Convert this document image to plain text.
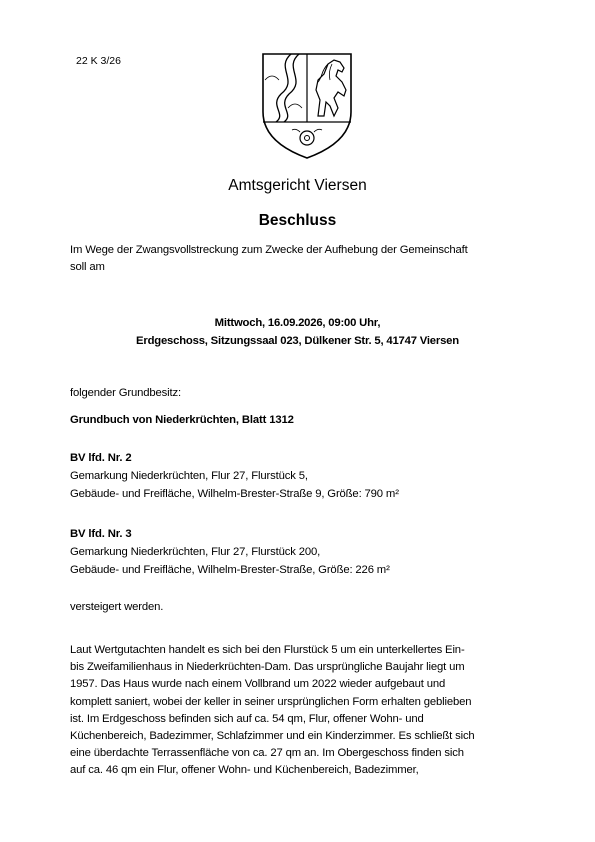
22 K 3/26
Amtsgericht Viersen
Beschluss
Im Wege der Zwangsvollstreckung zum Zwecke der Aufhebung der Gemeinschaft
soll am
Mittwoch, 16.09.2026, 09:00 Uhr,
Erdgeschoss, Sitzungssaal 023, Dülkener Str. 5, 41747 Viersen
folgender Grundbesitz:
Grundbuch von Niederkrüchten, Blatt 1312
BV lfd. Nr. 2
Gemarkung Niederkrüchten, Flur 27, Flurstück 5,
Gebäude- und Freifläche, Wilhelm-Brester-Straße 9, Größe: 790 m²
BV lfd. Nr. 3
Gemarkung Niederkrüchten, Flur 27, Flurstück 200,
Gebäude- und Freifläche, Wilhelm-Brester-Straße, Größe: 226 m²
versteigert werden.
Laut Wertgutachten handelt es sich bei den Flurstück 5 um ein unterkellertes Ein-
bis Zweifamilienhaus in Niederkrüchten-Dam. Das ursprüngliche Baujahr liegt um
1957. Das Haus wurde nach einem Vollbrand um 2022 wieder aufgebaut und
komplett saniert, wobei der keller in seiner ursprünglichen Form erhalten geblieben
ist. Im Erdgeschoss befinden sich auf ca. 54 qm, Flur, offener Wohn- und
Küchenbereich, Badezimmer, Schlafzimmer und ein Kinderzimmer. Es schließt sich
eine überdachte Terrassenfläche von ca. 27 qm an. Im Obergeschoss finden sich
auf ca. 46 qm ein Flur, offener Wohn- und Küchenbereich, Badezimmer,
